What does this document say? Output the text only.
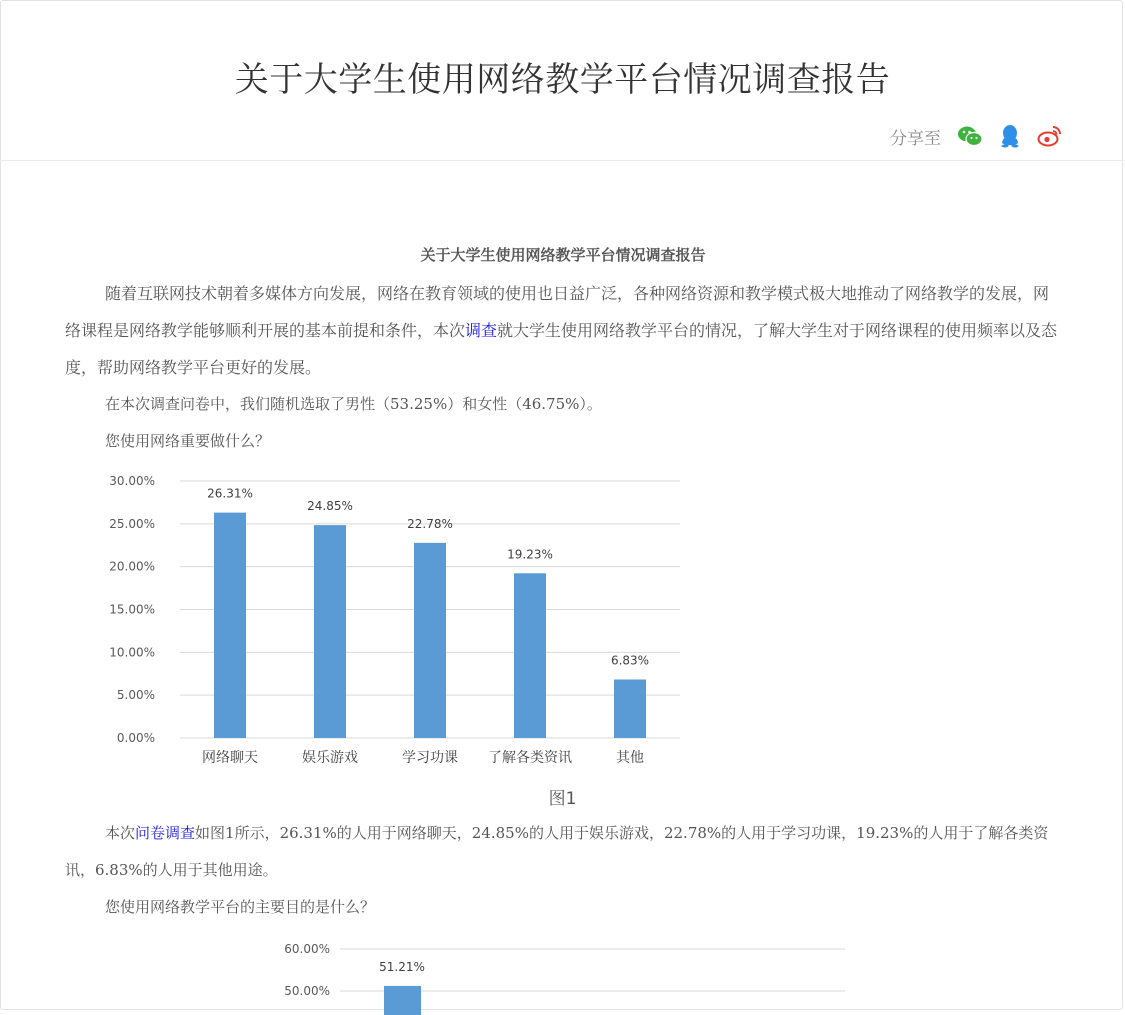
关于大学生使用网络教学平台情况调查报告
分享至
关于大学生使用网络教学平台情况调查报告

随着互联网技术朝着多媒体方向发展，网络在教育领域的使用也日益广泛，各种网络资源和教学模式极大地推动了网络教学的发展，网络课程是网络教学能够顺利开展的基本前提和条件，本次调查就大学生使用网络教学平台的情况，了解大学生对于网络课程的使用频率以及态度，帮助网络教学平台更好的发展。

在本次调查问卷中，我们随机选取了男性（53.25%）和女性（46.75%）。

您使用网络重要做什么？

0.00%
5.00%
10.00%
15.00%
20.00%
25.00%
30.00%
26.31%
网络聊天
24.85%
娱乐游戏
22.78%
学习功课
19.23%
了解各类资讯
6.83%
其他
图1

本次问卷调查如图1所示，26.31%的人用于网络聊天，24.85%的人用于娱乐游戏，22.78%的人用于学习功课，19.23%的人用于了解各类资讯，6.83%的人用于其他用途。

您使用网络教学平台的主要目的是什么？

50.00%
60.00%
51.21%
